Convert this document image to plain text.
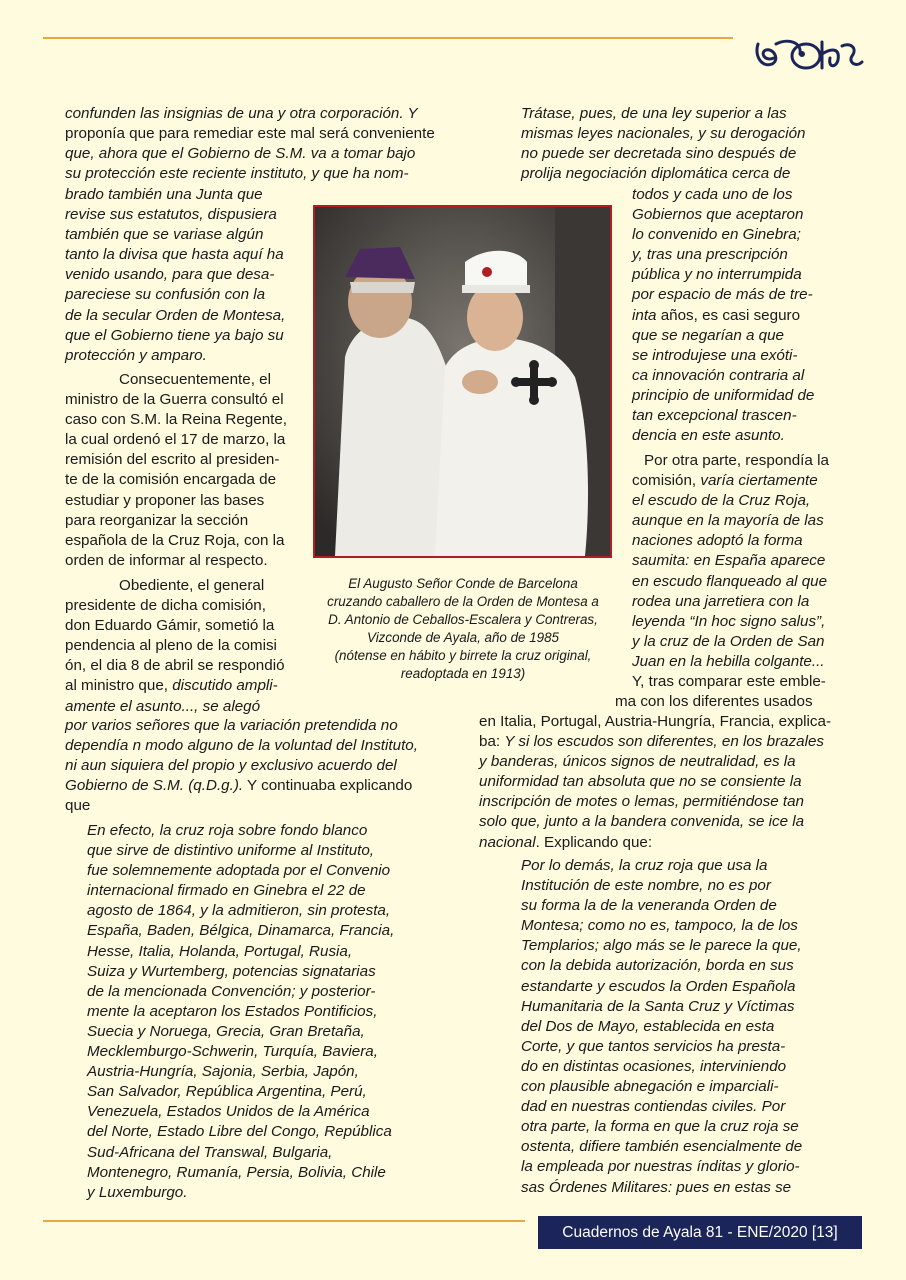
confunden las insignias de una y otra corporación. Y

proponía que para remediar este mal será conveniente

que, ahora que el Gobierno de S.M. va a tomar bajo

su protección este reciente instituto, y que ha nom-

brado también una Junta que

revise sus estatutos, dispusiera

también que se variase algún

tanto la divisa que hasta aquí ha

venido usando, para que desa-

pareciese su confusión con la

de la secular Orden de Montesa,

que el Gobierno tiene ya bajo su

protección y amparo.

Consecuentemente, el

ministro de la Guerra consultó el

caso con S.M. la Reina Regente,

la cual ordenó el 17 de marzo, la

remisión del escrito al presiden-

te de la comisión encargada de

estudiar y proponer las bases

para reorganizar la sección

española de la Cruz Roja, con la

orden de informar al respecto.

Obediente, el general

presidente de dicha comisión,

don Eduardo Gámir, sometió la

pendencia al pleno de la comisi

ón, el dia 8 de abril se respondió

al ministro que, discutido ampli-

amente el asunto..., se alegó

por varios señores que la variación pretendida no

dependía n modo alguno de la voluntad del Instituto,

ni aun siquiera del propio y exclusivo acuerdo del

Gobierno de S.M. (q.D.g.). Y continuaba explicando

que

En efecto, la cruz roja sobre fondo blanco

que sirve de distintivo uniforme al Instituto,

fue solemnemente adoptada por el Convenio

internacional firmado en Ginebra el 22 de

agosto de 1864, y la admitieron, sin protesta,

España, Baden, Bélgica, Dinamarca, Francia,

Hesse, Italia, Holanda, Portugal, Rusia,

Suiza y Wurtemberg, potencias signatarias

de la mencionada Convención; y posterior-

mente la aceptaron los Estados Pontificios,

Suecia y Noruega, Grecia, Gran Bretaña,

Mecklemburgo-Schwerin, Turquía, Baviera,

Austria-Hungría, Sajonia, Serbia, Japón,

San Salvador, República Argentina, Perú,

Venezuela, Estados Unidos de la América

del Norte, Estado Libre del Congo, República

Sud-Africana del Transwal, Bulgaria,

Montenegro, Rumanía, Persia, Bolivia, Chile

y Luxemburgo.

El Augusto Señor Conde de Barcelona
cruzando caballero de la Orden de Montesa a
D. Antonio de Ceballos-Escalera y Contreras,
Vizconde de Ayala, año de 1985
(nótense en hábito y birrete la cruz original,
readoptada en 1913)

Trátase, pues, de una ley superior a las

mismas leyes nacionales, y su derogación

no puede ser decretada sino después de

prolija negociación diplomática cerca de

todos y cada uno de los

Gobiernos que aceptaron

lo convenido en Ginebra;

y, tras una prescripción

pública y no interrumpida

por espacio de más de tre-

inta años, es casi seguro

que se negarían a que

se introdujese una exóti-

ca innovación contraria al

principio de uniformidad de

tan excepcional trascen-

dencia en este asunto.

Por otra parte, respondía la

comisión, varía ciertamente

el escudo de la Cruz Roja,

aunque en la mayoría de las

naciones adoptó la forma

saumita: en España aparece

en escudo flanqueado al que

rodea una jarretiera con la

leyenda “In hoc signo salus”,

y la cruz de la Orden de San

Juan en la hebilla colgante...

Y, tras comparar este emble-

ma con los diferentes usados

en Italia, Portugal, Austria-Hungría, Francia, explica-

ba: Y si los escudos son diferentes, en los brazales

y banderas, únicos signos de neutralidad, es la

uniformidad tan absoluta que no se consiente la

inscripción de motes o lemas, permitiéndose tan

solo que, junto a la bandera convenida, se ice la

nacional. Explicando que:

Por lo demás, la cruz roja que usa la

Institución de este nombre, no es por

su forma la de la veneranda Orden de

Montesa; como no es, tampoco, la de los

Templarios; algo más se le parece la que,

con la debida autorización, borda en sus

estandarte y escudos la Orden Española

Humanitaria de la Santa Cruz y Víctimas

del Dos de Mayo, establecida en esta

Corte, y que tantos servicios ha presta-

do en distintas ocasiones, interviniendo

con plausible abnegación e imparciali-

dad en nuestras contiendas civiles. Por

otra parte, la forma en que la cruz roja se

ostenta, difiere también esencialmente de

la empleada por nuestras índitas y glorio-

sas Órdenes Militares: pues en estas se

Cuadernos de Ayala 81 - ENE/2020 [13]
